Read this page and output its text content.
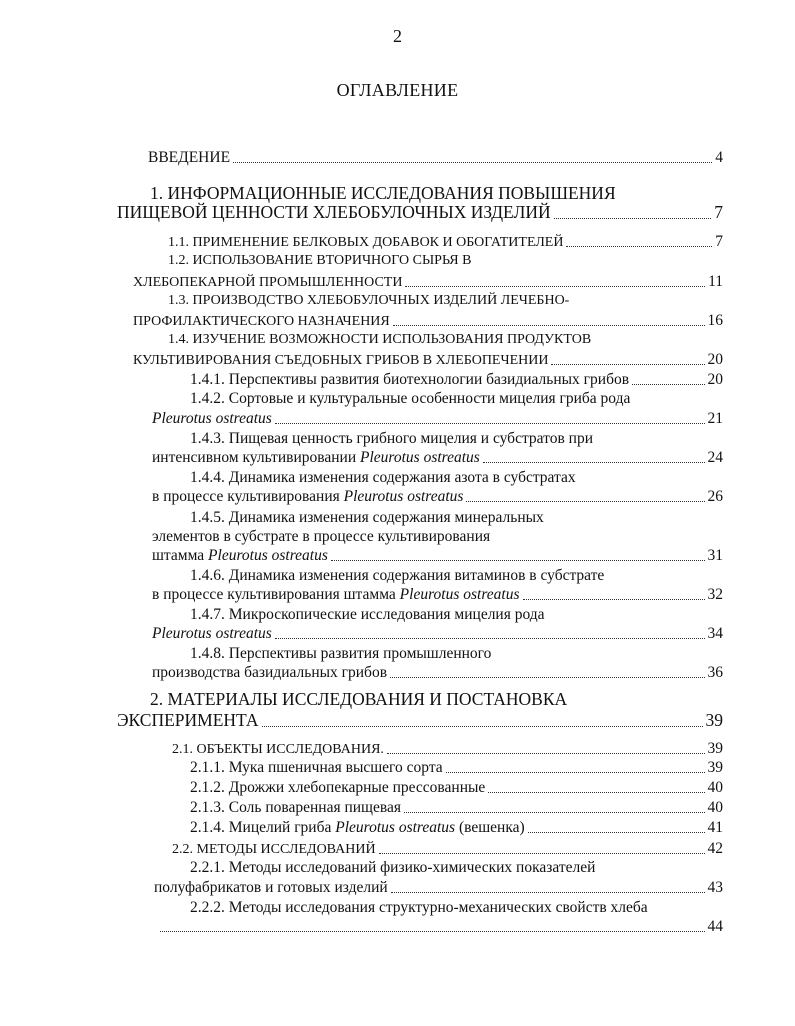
2
ОГЛАВЛЕНИЕ
ВВЕДЕНИЕ	4
1. ИНФОРМАЦИОННЫЕ ИССЛЕДОВАНИЯ ПОВЫШЕНИЯ
ПИЩЕВОЙ ЦЕННОСТИ ХЛЕБОБУЛОЧНЫХ ИЗДЕЛИЙ	7
1.1. ПРИМЕНЕНИЕ БЕЛКОВЫХ ДОБАВОК И ОБОГАТИТЕЛЕЙ	7
1.2. ИСПОЛЬЗОВАНИЕ ВТОРИЧНОГО СЫРЬЯ В
ХЛЕБОПЕКАРНОЙ ПРОМЫШЛЕННОСТИ	11
1.3. ПРОИЗВОДСТВО ХЛЕБОБУЛОЧНЫХ ИЗДЕЛИЙ ЛЕЧЕБНО-
ПРОФИЛАКТИЧЕСКОГО НАЗНАЧЕНИЯ	16
1.4. ИЗУЧЕНИЕ ВОЗМОЖНОСТИ ИСПОЛЬЗОВАНИЯ ПРОДУКТОВ
КУЛЬТИВИРОВАНИЯ СЪЕДОБНЫХ ГРИБОВ В ХЛЕБОПЕЧЕНИИ	20
1.4.1. Перспективы развития биотехнологии базидиальных грибов	20
1.4.2. Сортовые и культуральные особенности мицелия гриба рода
Pleurotus ostreatus	21
1.4.3. Пищевая ценность грибного мицелия и субстратов при
интенсивном культивировании Pleurotus ostreatus	24
1.4.4. Динамика изменения содержания азота в субстратах
в процессе культивирования Pleurotus ostreatus	26
1.4.5. Динамика изменения содержания минеральных
элементов в субстрате в процессе культивирования
штамма Pleurotus ostreatus	31
1.4.6. Динамика изменения содержания витаминов в субстрате
в процессе культивирования штамма Pleurotus ostreatus	32
1.4.7. Микроскопические исследования мицелия рода
Pleurotus ostreatus	34
1.4.8. Перспективы развития промышленного
производства базидиальных грибов	36
2. МАТЕРИАЛЫ ИССЛЕДОВАНИЯ И ПОСТАНОВКА
ЭКСПЕРИМЕНТА	39
2.1. ОБЪЕКТЫ ИССЛЕДОВАНИЯ.	39
2.1.1. Мука пшеничная высшего сорта	39
2.1.2. Дрожжи хлебопекарные прессованные	40
2.1.3. Соль поваренная пищевая	40
2.1.4. Мицелий гриба Pleurotus ostreatus (вешенка)	41
2.2. МЕТОДЫ ИССЛЕДОВАНИЙ	42
2.2.1. Методы исследований физико-химических показателей
полуфабрикатов и готовых изделий	43
2.2.2. Методы исследования структурно-механических свойств хлеба
44
